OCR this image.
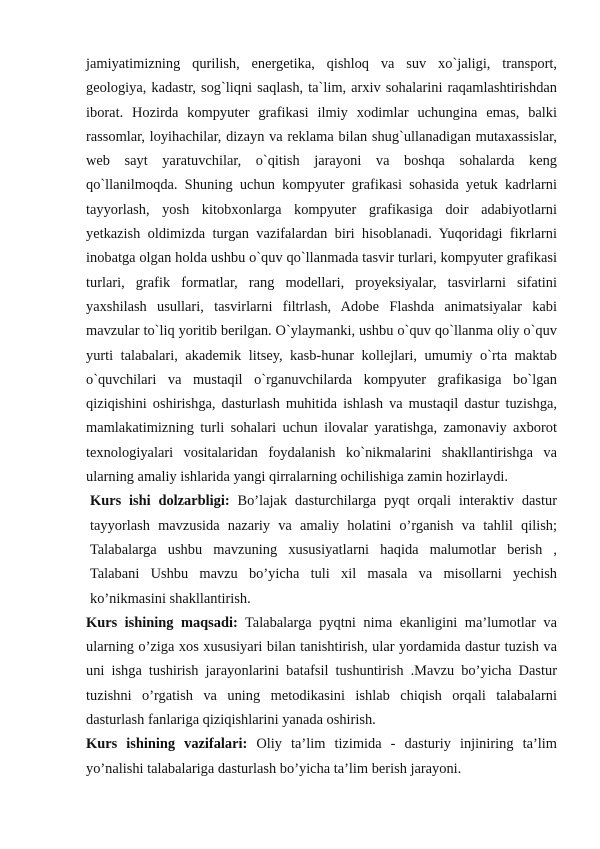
jamiyatimizning qurilish, energetika, qishloq va suv xo`jaligi, transport, geologiya, kadastr, sog`liqni saqlash, ta`lim, arxiv sohalarini raqamlashtirishdan iborat. Hozirda kompyuter grafikasi ilmiy xodimlar uchungina emas, balki rassomlar, loyihachilar, dizayn va reklama bilan shug`ullanadigan mutaxassislar, web sayt yaratuvchilar, o`qitish jarayoni va boshqa sohalarda keng qo`llanilmoqda. Shuning uchun kompyuter grafikasi sohasida yetuk kadrlarni tayyorlash, yosh kitobxonlarga kompyuter grafikasiga doir adabiyotlarni yetkazish oldimizda turgan vazifalardan biri hisoblanadi. Yuqoridagi fikrlarni inobatga olgan holda ushbu o`quv qo`llanmada tasvir turlari, kompyuter grafikasi turlari, grafik formatlar, rang modellari, proyeksiyalar, tasvirlarni sifatini yaxshilash usullari, tasvirlarni filtrlash, Adobe Flashda animatsiyalar kabi mavzular to`liq yoritib berilgan. O`ylaymanki, ushbu o`quv qo`llanma oliy o`quv yurti talabalari, akademik litsey, kasb-hunar kollejlari, umumiy o`rta maktab o`quvchilari va mustaqil o`rganuvchilarda kompyuter grafikasiga bo`lgan qiziqishini oshirishga, dasturlash muhitida ishlash va mustaqil dastur tuzishga, mamlakatimizning turli sohalari uchun ilovalar yaratishga, zamonaviy axborot texnologiyalari vositalaridan foydalanish ko`nikmalarini shakllantirishga va ularning amaliy ishlarida yangi qirralarning ochilishiga zamin hozirlaydi.

Kurs ishi dolzarbligi: Bo’lajak dasturchilarga pyqt orqali interaktiv dastur tayyorlash mavzusida nazariy va amaliy holatini o’rganish va tahlil qilish; Talabalarga ushbu mavzuning xususiyatlarni haqida malumotlar berish , Talabani Ushbu mavzu bo’yicha tuli xil masala va misollarni yechish ko’nikmasini shakllantirish.

Kurs ishining maqsadi: Talabalarga pyqtni nima ekanligini ma’lumotlar va ularning o’ziga xos xususiyari bilan tanishtirish, ular yordamida dastur tuzish va uni ishga tushirish jarayonlarini batafsil tushuntirish .Mavzu bo’yicha Dastur tuzishni o’rgatish va uning metodikasini ishlab chiqish orqali talabalarni dasturlash fanlariga qiziqishlarini yanada oshirish.

Kurs ishining vazifalari: Oliy ta’lim tizimida - dasturiy injiniring ta’lim yo’nalishi talabalariga dasturlash bo’yicha ta’lim berish jarayoni.
